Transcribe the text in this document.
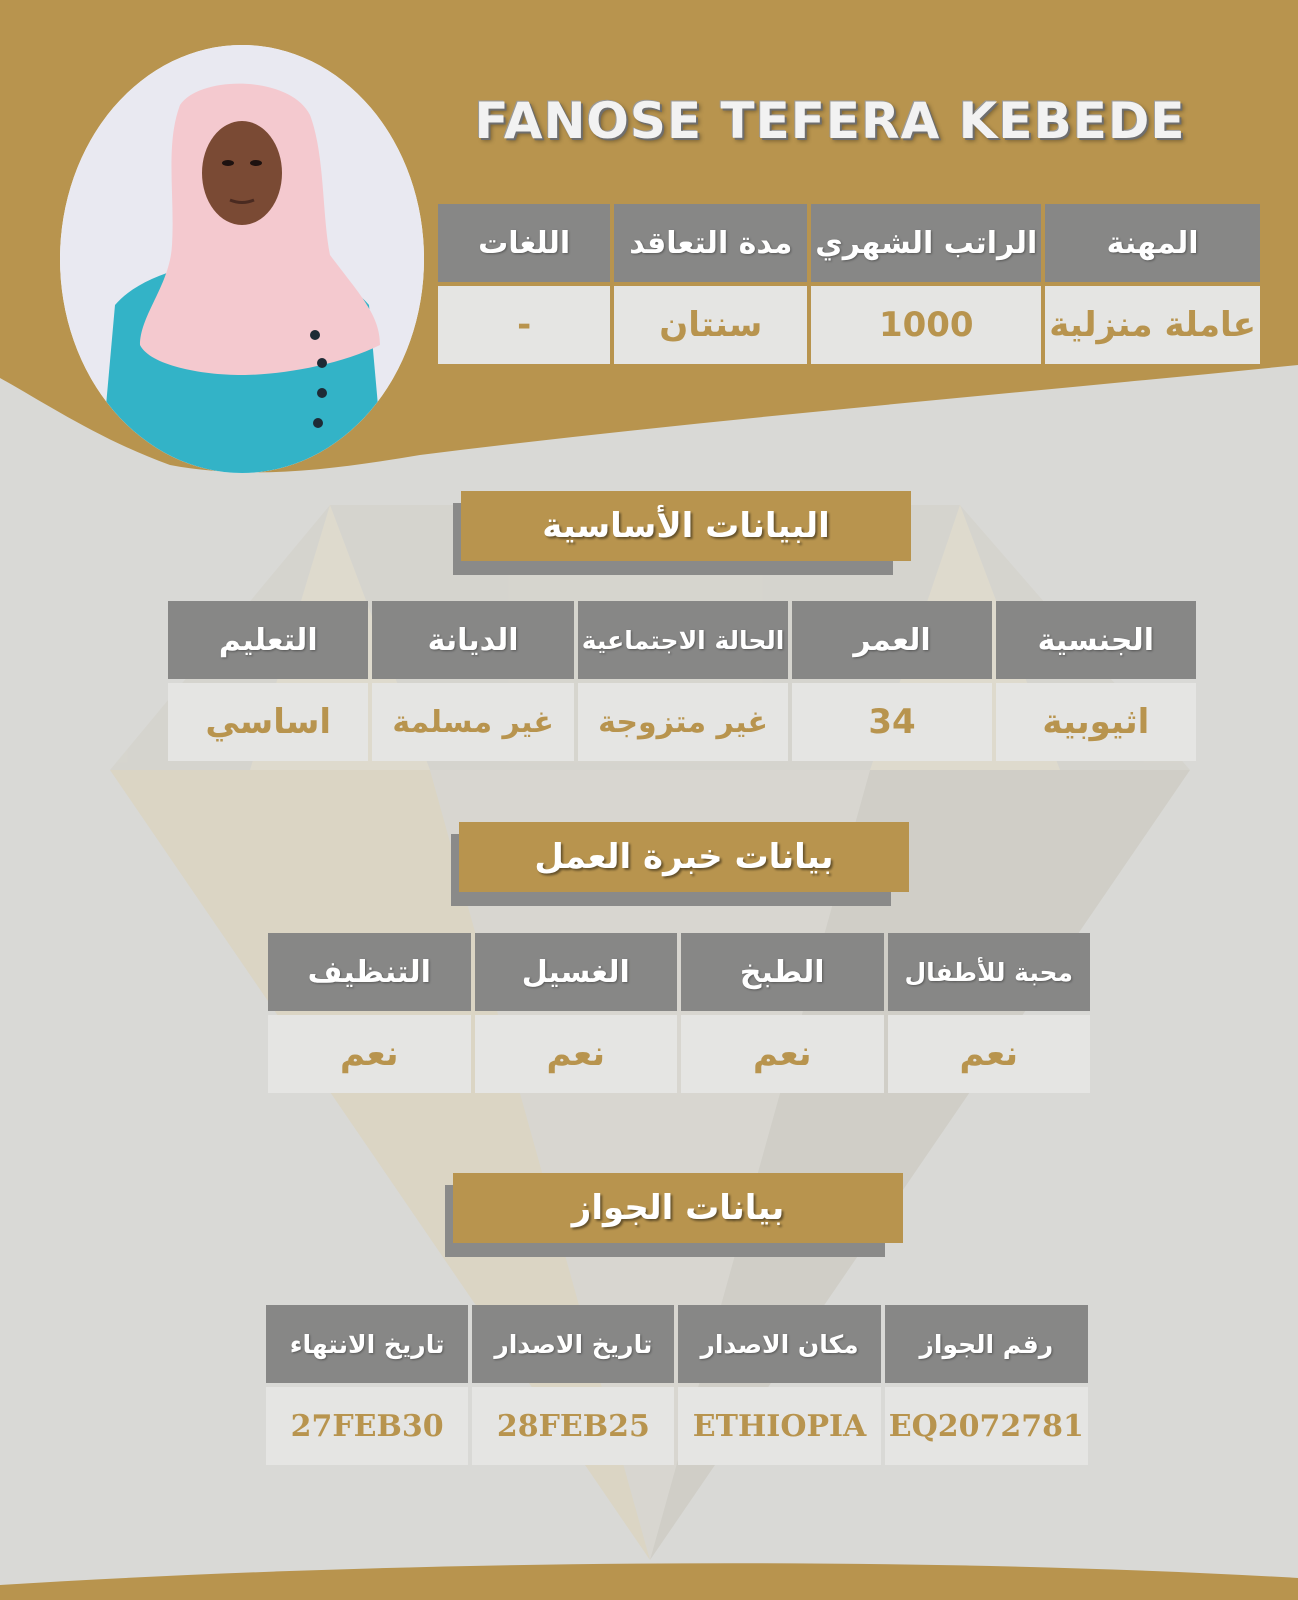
FANOSE TEFERA KEBEDE
المهنة	الراتب الشهري	مدة التعاقد	اللغات
عاملة منزلية	1000	سنتان	-
البيانات الأساسية
الجنسية	العمر	الحالة الاجتماعية	الديانة	التعليم
اثيوبية	34	غير متزوجة	غير مسلمة	اساسي
بيانات خبرة العمل
محبة للأطفال	الطبخ	الغسيل	التنظيف
نعم	نعم	نعم	نعم
بيانات الجواز
رقم الجواز	مكان الاصدار	تاريخ الاصدار	تاريخ الانتهاء
EQ2072781	ETHIOPIA	28FEB25	27FEB30
